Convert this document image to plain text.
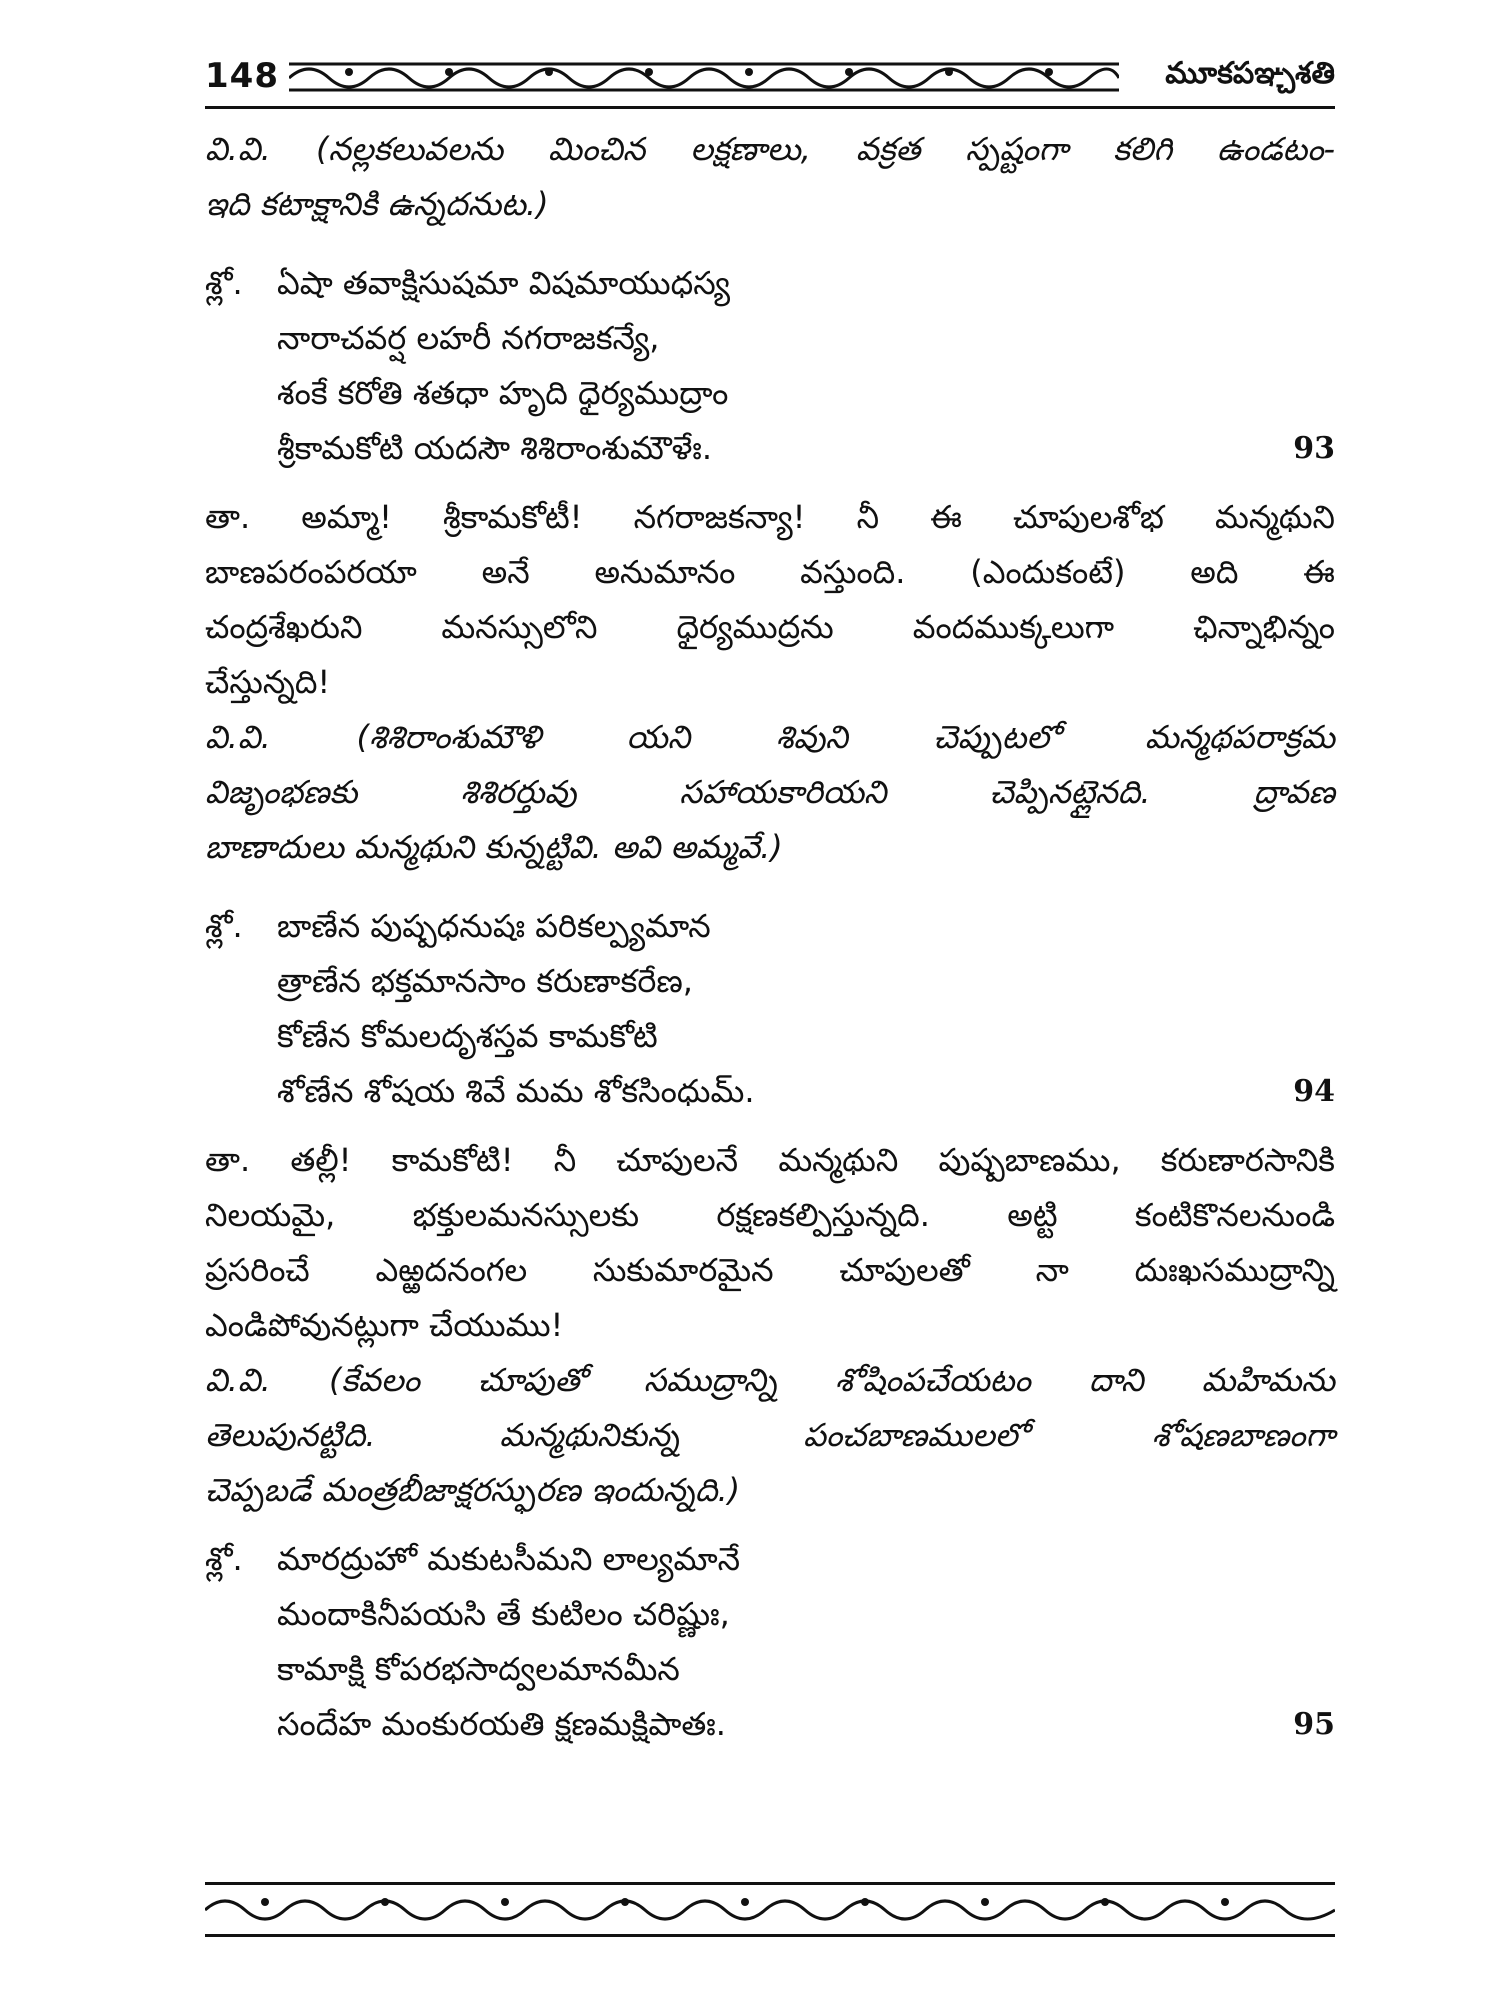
148	మూకపఞ్చశతి
వి.వి. (నల్లకలువలను మించిన లక్షణాలు, వక్రత స్పష్టంగా కలిగి ఉండటం-
ఇది కటాక్షానికి ఉన్నదనుట.)
శ్లో.	ఏషా తవాక్షిసుషమా విషమాయుధస్య
నారాచవర్ష లహరీ నగరాజకన్యే,
శంకే కరోతి శతధా హృది ధైర్యముద్రాం
శ్రీకామకోటి యదసౌ శిశిరాంశుమౌళేః.	93
తా. అమ్మా! శ్రీకామకోటీ! నగరాజకన్యా! నీ ఈ చూపులశోభ మన్మథుని
బాణపరంపరయా అనే అనుమానం వస్తుంది. (ఎందుకంటే) అది ఈ
చంద్రశేఖరుని మనస్సులోని ధైర్యముద్రను వందముక్కలుగా ఛిన్నాభిన్నం
చేస్తున్నది!
వి.వి. (శిశిరాంశుమౌళి యని శివుని చెప్పుటలో మన్మథపరాక్రమ
విజృంభణకు శిశిరర్తువు సహాయకారియని చెప్పినట్లైనది. ద్రావణ
బాణాదులు మన్మథుని కున్నట్టివి. అవి అమ్మవే.)
శ్లో.	బాణేన పుష్పధనుషః పరికల్ప్యమాన
త్రాణేన భక్తమానసాం కరుణాకరేణ,
కోణేన కోమలదృశస్తవ కామకోటి
శోణేన శోషయ శివే మమ శోకసింధుమ్.	94
తా. తల్లీ! కామకోటి! నీ చూపులనే మన్మథుని పుష్పబాణము, కరుణారసానికి
నిలయమై, భక్తులమనస్సులకు రక్షణకల్పిస్తున్నది. అట్టి కంటికొనలనుండి
ప్రసరించే ఎఱ్ఱదనంగల సుకుమారమైన చూపులతో నా దుఃఖసముద్రాన్ని
ఎండిపోవునట్లుగా చేయుము!
వి.వి. (కేవలం చూపుతో సముద్రాన్ని శోషింపచేయటం దాని మహిమను
తెలుపునట్టిది. మన్మథునికున్న పంచబాణములలో శోషణబాణంగా
చెప్పబడే మంత్రబీజాక్షరస్ఫురణ ఇందున్నది.)
శ్లో.	మారద్రుహో మకుటసీమని లాల్యమానే
మందాకినీపయసి తే కుటిలం చరిష్ణుః,
కామాక్షి కోపరభసాద్వలమానమీన
సందేహ మంకురయతి క్షణమక్షిపాతః.	95
